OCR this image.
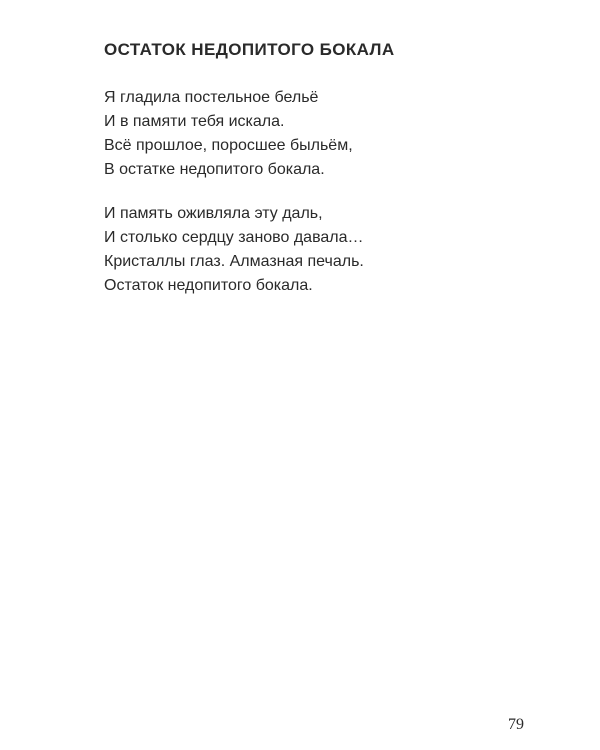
ОСТАТОК НЕДОПИТОГО БОКАЛА

Я гладила постельное бельё
И в памяти тебя искала.
Всё прошлое, поросшее быльём,
В остатке недопитого бокала.

И память оживляла эту даль,
И столько сердцу заново давала…
Кристаллы глаз. Алмазная печаль.
Остаток недопитого бокала.

79
